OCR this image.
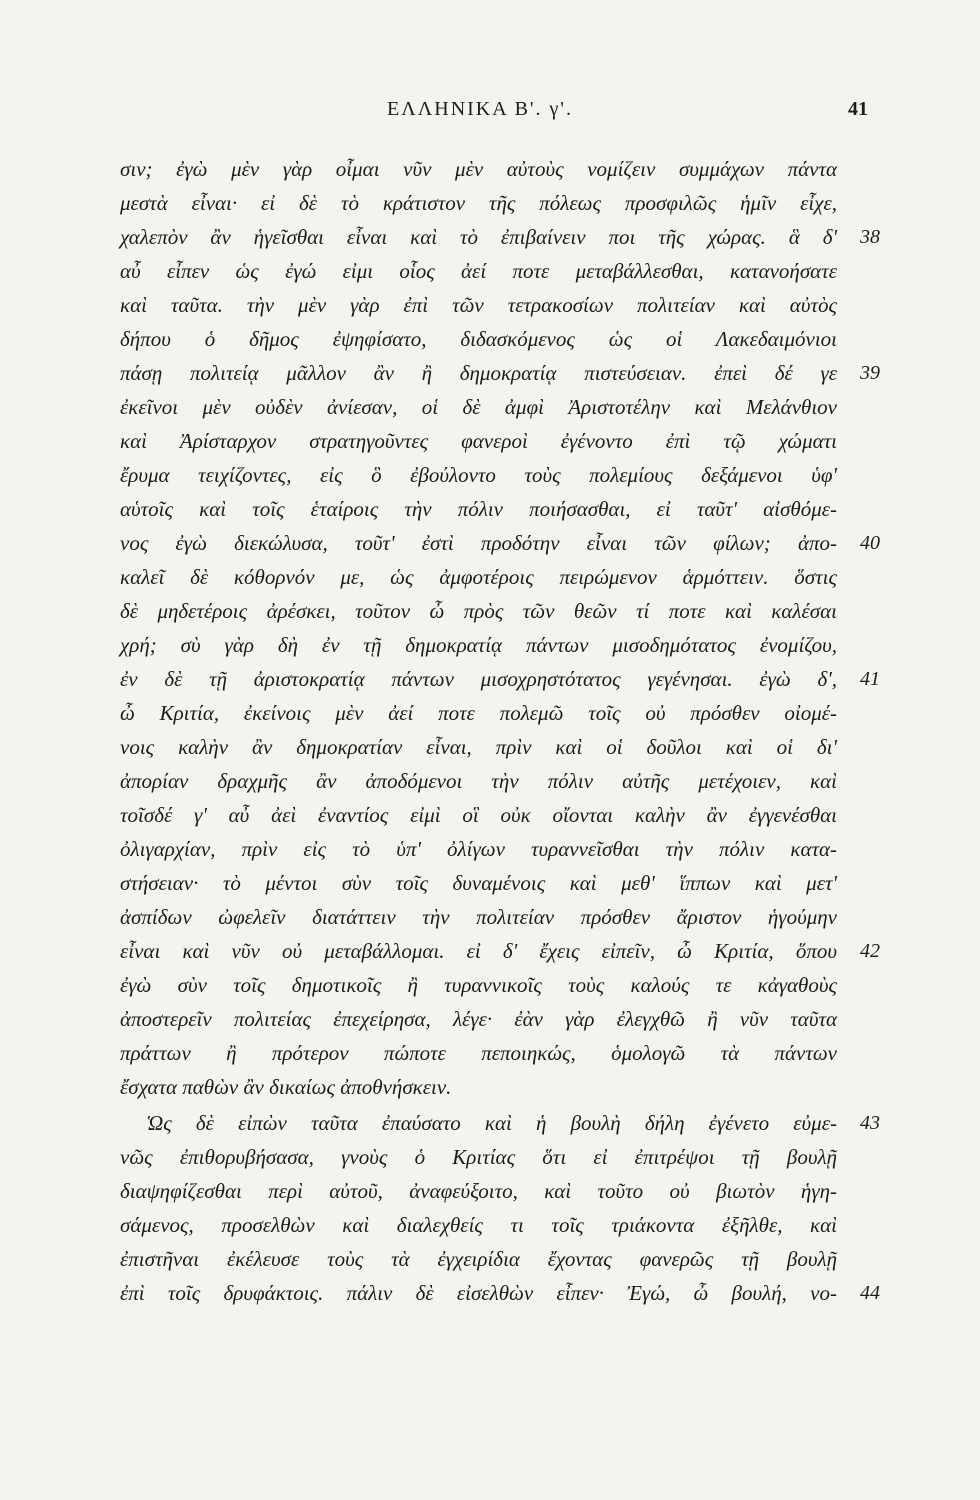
ΕΛΛΗΝΙΚΑ Β'. γ'.	41
σιν; ἐγὼ μὲν γὰρ οἶμαι νῦν μὲν αὐτοὺς νομίζειν συμμάχων πάντα
μεστὰ εἶναι· εἰ δὲ τὸ κράτιστον τῆς πόλεως προσφιλῶς ἡμῖν εἶχε,
χαλεπὸν ἂν ἡγεῖσθαι εἶναι καὶ τὸ ἐπιβαίνειν ποι τῆς χώρας. ἃ δ'
αὖ εἶπεν ὡς ἐγώ εἰμι οἷος ἀεί ποτε μεταβάλλεσθαι, κατανοήσατε
καὶ ταῦτα. τὴν μὲν γὰρ ἐπὶ τῶν τετρακοσίων πολιτείαν καὶ αὐτὸς
δήπου ὁ δῆμος ἐψηφίσατο, διδασκόμενος ὡς οἱ Λακεδαιμόνιοι
πάσῃ πολιτείᾳ μᾶλλον ἂν ἢ δημοκρατίᾳ πιστεύσειαν. ἐπεὶ δέ γε
ἐκεῖνοι μὲν οὐδὲν ἀνίεσαν, οἱ δὲ ἀμφὶ Ἀριστοτέλην καὶ Μελάνθιον
καὶ Ἀρίσταρχον στρατηγοῦντες φανεροὶ ἐγένοντο ἐπὶ τῷ χώματι
ἔρυμα τειχίζοντες, εἰς ὃ ἐβούλοντο τοὺς πολεμίους δεξάμενοι ὑφ'
αὑτοῖς καὶ τοῖς ἑταίροις τὴν πόλιν ποιήσασθαι, εἰ ταῦτ' αἰσθόμε-
νος ἐγὼ διεκώλυσα, τοῦτ' ἐστὶ προδότην εἶναι τῶν φίλων; ἀπο-
καλεῖ δὲ κόθορνόν με, ὡς ἀμφοτέροις πειρώμενον ἁρμόττειν. ὅστις
δὲ μηδετέροις ἀρέσκει, τοῦτον ὦ πρὸς τῶν θεῶν τί ποτε καὶ καλέσαι
χρή; σὺ γὰρ δὴ ἐν τῇ δημοκρατίᾳ πάντων μισοδημότατος ἐνομίζου,
ἐν δὲ τῇ ἀριστοκρατίᾳ πάντων μισοχρηστότατος γεγένησαι. ἐγὼ δ',
ὦ Κριτία, ἐκείνοις μὲν ἀεί ποτε πολεμῶ τοῖς οὐ πρόσθεν οἰομέ-
νοις καλὴν ἂν δημοκρατίαν εἶναι, πρὶν καὶ οἱ δοῦλοι καὶ οἱ δι'
ἀπορίαν δραχμῆς ἂν ἀποδόμενοι τὴν πόλιν αὐτῆς μετέχοιεν, καὶ
τοῖσδέ γ' αὖ ἀεὶ ἐναντίος εἰμὶ οἳ οὐκ οἴονται καλὴν ἂν ἐγγενέσθαι
ὀλιγαρχίαν, πρὶν εἰς τὸ ὑπ' ὀλίγων τυραννεῖσθαι τὴν πόλιν κατα-
στήσειαν· τὸ μέντοι σὺν τοῖς δυναμένοις καὶ μεθ' ἵππων καὶ μετ'
ἀσπίδων ὠφελεῖν διατάττειν τὴν πολιτείαν πρόσθεν ἄριστον ἡγούμην
εἶναι καὶ νῦν οὐ μεταβάλλομαι. εἰ δ' ἔχεις εἰπεῖν, ὦ Κριτία, ὅπου
ἐγὼ σὺν τοῖς δημοτικοῖς ἢ τυραννικοῖς τοὺς καλούς τε κἀγαθοὺς
ἀποστερεῖν πολιτείας ἐπεχείρησα, λέγε· ἐὰν γὰρ ἐλεγχθῶ ἢ νῦν ταῦτα
πράττων ἢ πρότερον πώποτε πεποιηκώς, ὁμολογῶ τὰ πάντων
ἔσχατα παθὼν ἂν δικαίως ἀποθνήσκειν.
Ὡς δὲ εἰπὼν ταῦτα ἐπαύσατο καὶ ἡ βουλὴ δήλη ἐγένετο εὐμε-
νῶς ἐπιθορυβήσασα, γνοὺς ὁ Κριτίας ὅτι εἰ ἐπιτρέψοι τῇ βουλῇ
διαψηφίζεσθαι περὶ αὐτοῦ, ἀναφεύξοιτο, καὶ τοῦτο οὐ βιωτὸν ἡγη-
σάμενος, προσελθὼν καὶ διαλεχθείς τι τοῖς τριάκοντα ἐξῆλθε, καὶ
ἐπιστῆναι ἐκέλευσε τοὺς τὰ ἐγχειρίδια ἔχοντας φανερῶς τῇ βουλῇ
ἐπὶ τοῖς δρυφάκτοις. πάλιν δὲ εἰσελθὼν εἶπεν· Ἐγώ, ὦ βουλή, νο-
38
39
40
41
42
43
44
